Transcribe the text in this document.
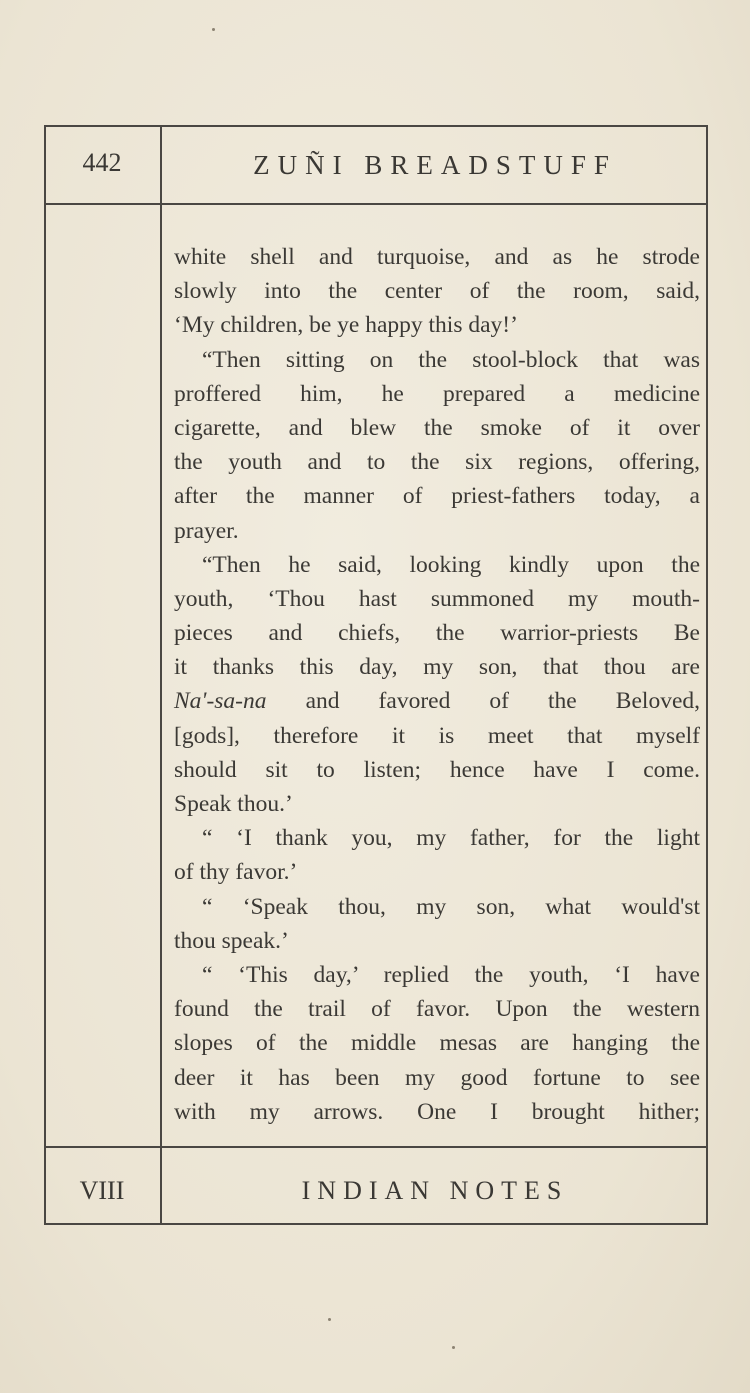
442	ZUÑI BREADSTUFF
white shell and turquoise, and as he strode
slowly into the center of the room, said,
‘My children, be ye happy this day!’
“Then sitting on the stool-block that was
proffered him, he prepared a medicine
cigarette, and blew the smoke of it over
the youth and to the six regions, offering,
after the manner of priest-fathers today, a
prayer.
“Then he said, looking kindly upon the
youth, ‘Thou hast summoned my mouth-
pieces and chiefs, the warrior-priests Be
it thanks this day, my son, that thou are
Na'-sa-na and favored of the Beloved,
[gods], therefore it is meet that myself
should sit to listen; hence have I come.
Speak thou.’
“ ‘I thank you, my father, for the light
of thy favor.’
“ ‘Speak thou, my son, what would'st
thou speak.’
“ ‘This day,’ replied the youth, ‘I have
found the trail of favor. Upon the western
slopes of the middle mesas are hanging the
deer it has been my good fortune to see
with my arrows. One I brought hither;
VIII	INDIAN NOTES
